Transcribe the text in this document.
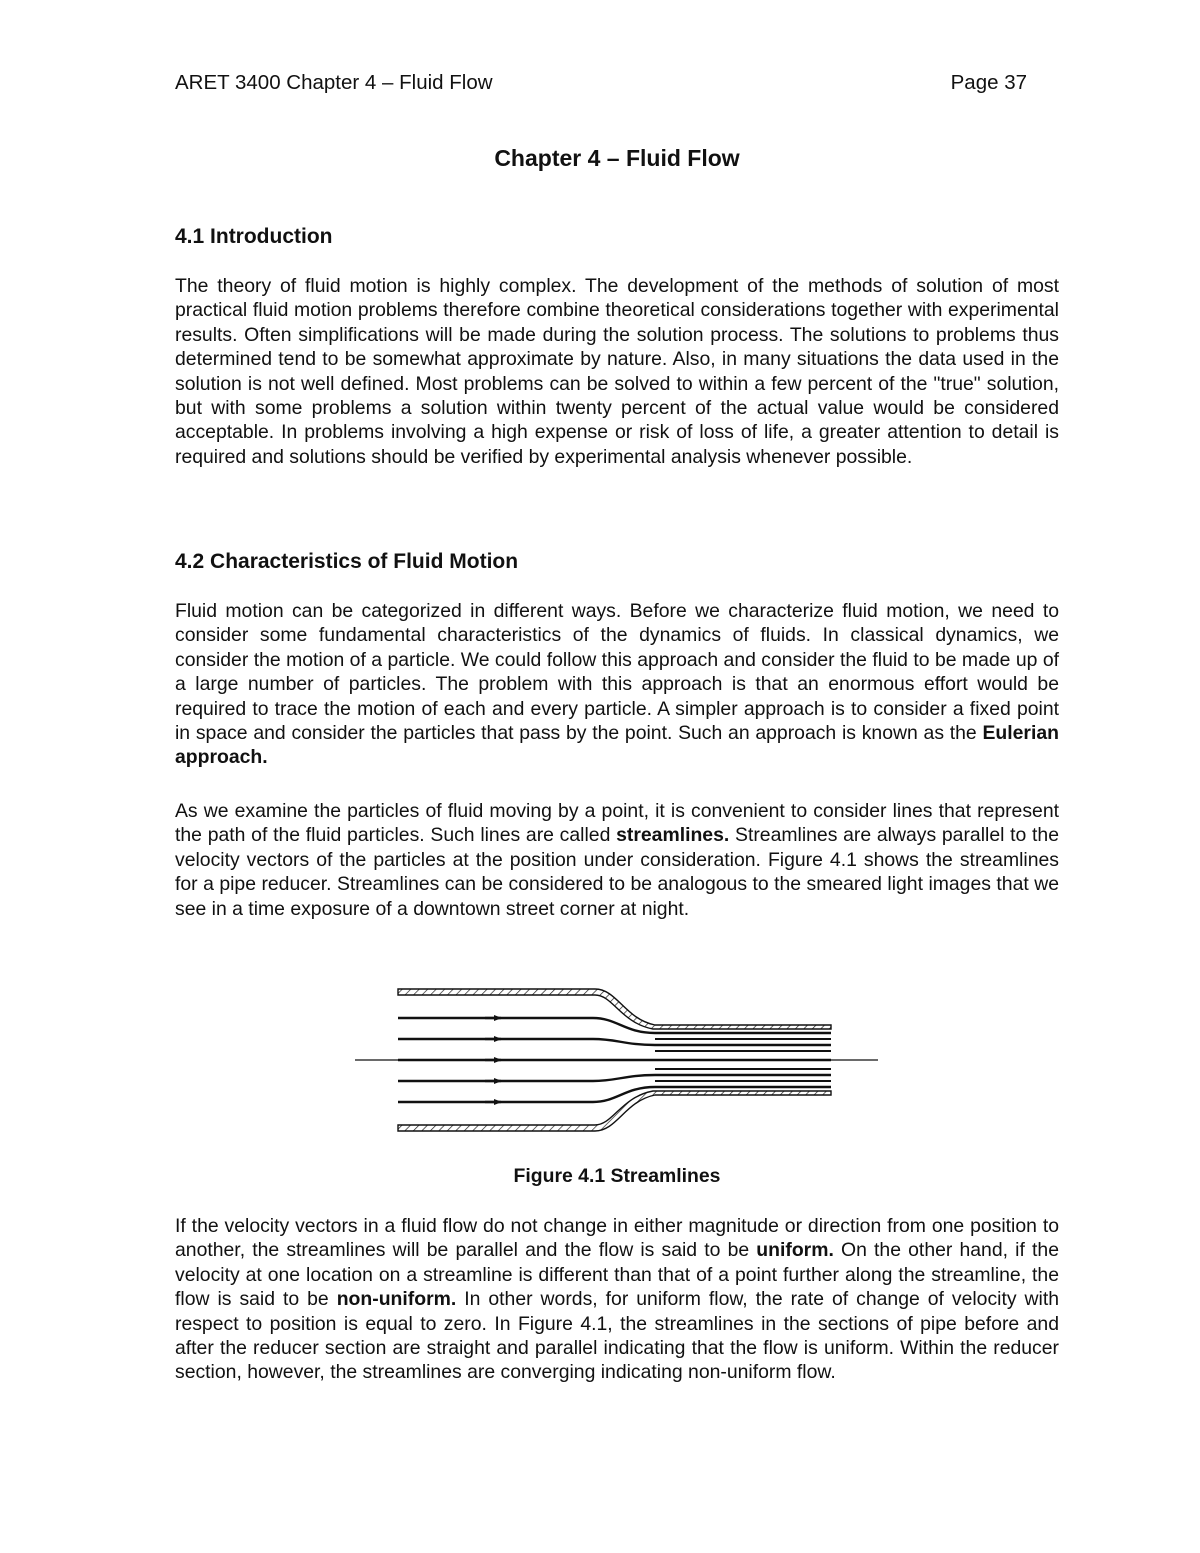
ARET 3400 Chapter 4 – Fluid Flow	Page 37
Chapter 4 – Fluid Flow
4.1 Introduction
The theory of fluid motion is highly complex. The development of the methods of solution of most practical fluid motion problems therefore combine theoretical considerations together with experimental results. Often simplifications will be made during the solution process. The solutions to problems thus determined tend to be somewhat approximate by nature. Also, in many situations the data used in the solution is not well defined. Most problems can be solved to within a few percent of the "true" solution, but with some problems a solution within twenty percent of the actual value would be considered acceptable. In problems involving a high expense or risk of loss of life, a greater attention to detail is required and solutions should be verified by experimental analysis whenever possible.
4.2 Characteristics of Fluid Motion
Fluid motion can be categorized in different ways. Before we characterize fluid motion, we need to consider some fundamental characteristics of the dynamics of fluids. In classical dynamics, we consider the motion of a particle. We could follow this approach and consider the fluid to be made up of a large number of particles. The problem with this approach is that an enormous effort would be required to trace the motion of each and every particle. A simpler approach is to consider a fixed point in space and consider the particles that pass by the point. Such an approach is known as the Eulerian approach.
As we examine the particles of fluid moving by a point, it is convenient to consider lines that represent the path of the fluid particles. Such lines are called streamlines. Streamlines are always parallel to the velocity vectors of the particles at the position under consideration. Figure 4.1 shows the streamlines for a pipe reducer. Streamlines can be considered to be analogous to the smeared light images that we see in a time exposure of a downtown street corner at night.
Figure 4.1 Streamlines
If the velocity vectors in a fluid flow do not change in either magnitude or direction from one position to another, the streamlines will be parallel and the flow is said to be uniform. On the other hand, if the velocity at one location on a streamline is different than that of a point further along the streamline, the flow is said to be non-uniform. In other words, for uniform flow, the rate of change of velocity with respect to position is equal to zero. In Figure 4.1, the streamlines in the sections of pipe before and after the reducer section are straight and parallel indicating that the flow is uniform. Within the reducer section, however, the streamlines are converging indicating non-uniform flow.
